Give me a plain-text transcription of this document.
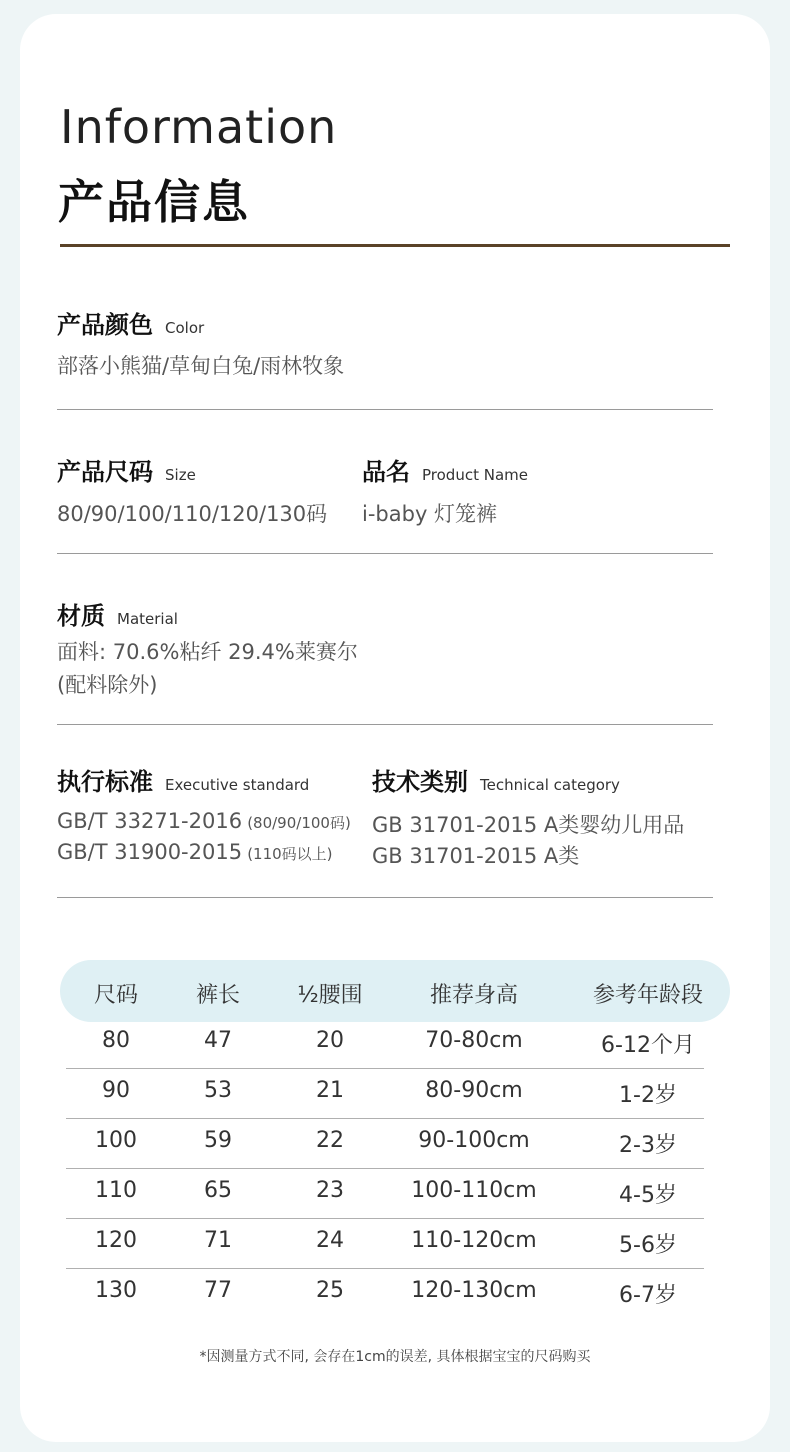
Information
产品信息
产品颜色 Color
部落小熊猫/草甸白兔/雨林牧象
产品尺码 Size
80/90/100/110/120/130码
品名 Product Name
i-baby 灯笼裤
材质 Material
面料: 70.6%粘纤 29.4%莱赛尔
(配料除外)
执行标准 Executive standard
GB/T 33271-2016 (80/90/100码)
GB/T 31900-2015 (110码以上)
技术类别 Technical category
GB 31701-2015 A类婴幼儿用品
GB 31701-2015 A类
尺码	裤长	½腰围	推荐身高	参考年龄段
80	47	20	70-80cm	6-12个月
90	53	21	80-90cm	1-2岁
100	59	22	90-100cm	2-3岁
110	65	23	100-110cm	4-5岁
120	71	24	110-120cm	5-6岁
130	77	25	120-130cm	6-7岁
*因测量方式不同, 会存在1cm的误差, 具体根据宝宝的尺码购买
